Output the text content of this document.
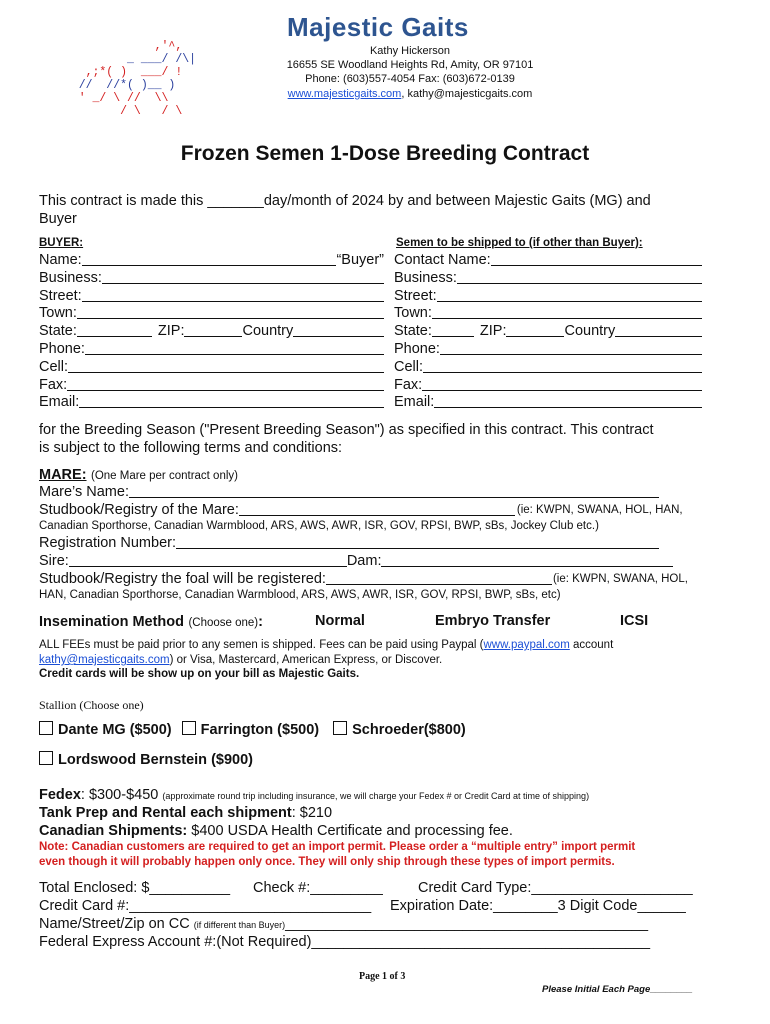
,'^,
_ ___/ /\|
,;*( )  ___/ !
//  //*( )__ )
' _/ \ //  \\
/ \   / \
Majestic Gaits
Kathy Hickerson
16655 SE Woodland Heights Rd, Amity, OR 97101
Phone: (603)557-4054 Fax: (603)672-0139
www.majesticgaits.com, kathy@majesticgaits.com
Frozen Semen 1-Dose Breeding Contract
This contract is made this _______day/month of 2024 by and between Majestic Gaits (MG) and
Buyer
BUYER:
Name:	“Buyer”
Business:
Street:
Town:
State:	ZIP:	Country
Phone:
Cell:
Fax:
Email:
Semen to be shipped to (if other than Buyer):
Contact Name:
Business:
Street:
Town:
State:	ZIP:	Country
Phone:
Cell:
Fax:
Email:
for the Breeding Season ("Present Breeding Season") as specified in this contract. This contract
is subject to the following terms and conditions:
MARE: (One Mare per contract only)
Mare’s Name:
Studbook/Registry of the Mare:	(ie: KWPN, SWANA, HOL, HAN,
Canadian Sporthorse, Canadian Warmblood, ARS, AWS, AWR, ISR, GOV, RPSI, BWP, sBs, Jockey Club etc.)
Registration Number:
Sire:	Dam:
Studbook/Registry the foal will be registered:	(ie: KWPN, SWANA, HOL,
HAN, Canadian Sporthorse, Canadian Warmblood, ARS, AWS, AWR, ISR, GOV, RPSI, BWP, sBs, etc)
Insemination Method (Choose one):	Normal	Embryo Transfer	ICSI
ALL FEEs must be paid prior to any semen is shipped. Fees can be paid using Paypal (www.paypal.com account
kathy@majesticgaits.com) or Visa, Mastercard, American Express, or Discover.
Credit cards will be show up on your bill as Majestic Gaits.
Stallion (Choose one)
Dante MG ($500) Farrington ($500) Schroeder($800)
Lordswood Bernstein ($900)
Fedex: $300-$450 (approximate round trip including insurance, we will charge your Fedex # or Credit Card at time of shipping)
Tank Prep and Rental each shipment: $210
Canadian Shipments: $400 USDA Health Certificate and processing fee.
Note: Canadian customers are required to get an import permit. Please order a “multiple entry” import permit
even though it will probably happen only once. They will only ship through these types of import permits.
Total Enclosed: $__________ Check #:_________ Credit Card Type:____________________
Credit Card #:______________________________ Expiration Date:________3 Digit Code______
Name/Street/Zip on CC (if different than Buyer)_____________________________________________
Federal Express Account #:(Not Required)__________________________________________
Page 1 of 3
Please Initial Each Page________
